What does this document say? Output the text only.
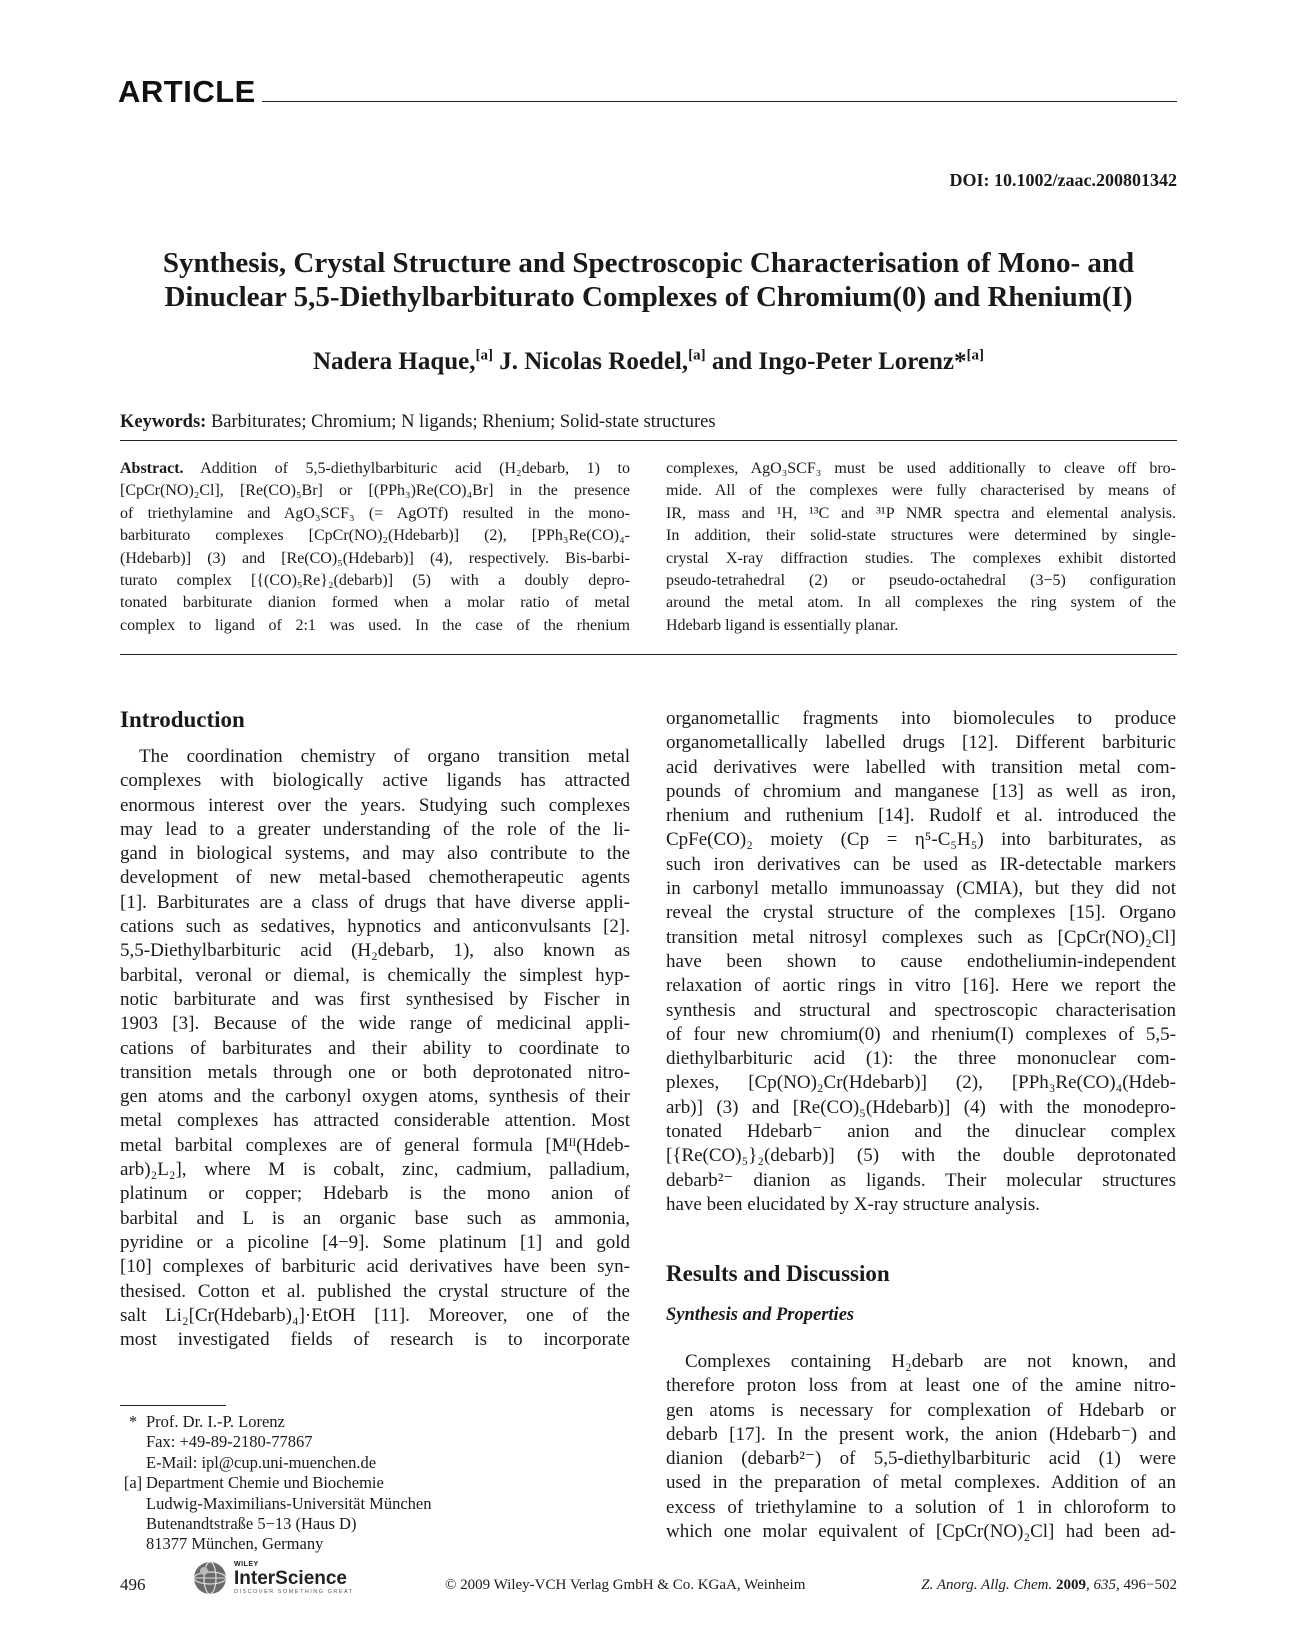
ARTICLE
DOI: 10.1002/zaac.200801342
Synthesis, Crystal Structure and Spectroscopic Characterisation of Mono- and
Dinuclear 5,5-Diethylbarbiturato Complexes of Chromium(0) and Rhenium(I)
Nadera Haque,[a] J. Nicolas Roedel,[a] and Ingo-Peter Lorenz*[a]
Keywords: Barbiturates; Chromium; N ligands; Rhenium; Solid-state structures
Abstract. Addition of 5,5-diethylbarbituric acid (H₂debarb, 1) to
[CpCr(NO)₂Cl], [Re(CO)₅Br] or [(PPh₃)Re(CO)₄Br] in the presence
of triethylamine and AgO₃SCF₃ (= AgOTf) resulted in the mono-
barbiturato complexes [CpCr(NO)₂(Hdebarb)] (2), [PPh₃Re(CO)₄-
(Hdebarb)] (3) and [Re(CO)₅(Hdebarb)] (4), respectively. Bis-barbi-
turato complex [{(CO)₅Re}₂(debarb)] (5) with a doubly depro-
tonated barbiturate dianion formed when a molar ratio of metal
complex to ligand of 2:1 was used. In the case of the rhenium
complexes, AgO₃SCF₃ must be used additionally to cleave off bro-
mide. All of the complexes were fully characterised by means of
IR, mass and ¹H, ¹³C and ³¹P NMR spectra and elemental analysis.
In addition, their solid-state structures were determined by single-
crystal X-ray diffraction studies. The complexes exhibit distorted
pseudo-tetrahedral (2) or pseudo-octahedral (3−5) configuration
around the metal atom. In all complexes the ring system of the
Hdebarb ligand is essentially planar.
Introduction
The coordination chemistry of organo transition metal
complexes with biologically active ligands has attracted
enormous interest over the years. Studying such complexes
may lead to a greater understanding of the role of the li-
gand in biological systems, and may also contribute to the
development of new metal-based chemotherapeutic agents
[1]. Barbiturates are a class of drugs that have diverse appli-
cations such as sedatives, hypnotics and anticonvulsants [2].
5,5-Diethylbarbituric acid (H₂debarb, 1), also known as
barbital, veronal or diemal, is chemically the simplest hyp-
notic barbiturate and was first synthesised by Fischer in
1903 [3]. Because of the wide range of medicinal appli-
cations of barbiturates and their ability to coordinate to
transition metals through one or both deprotonated nitro-
gen atoms and the carbonyl oxygen atoms, synthesis of their
metal complexes has attracted considerable attention. Most
metal barbital complexes are of general formula [Mᴵᴵ(Hdeb-
arb)₂L₂], where M is cobalt, zinc, cadmium, palladium,
platinum or copper; Hdebarb is the mono anion of
barbital and L is an organic base such as ammonia,
pyridine or a picoline [4−9]. Some platinum [1] and gold
[10] complexes of barbituric acid derivatives have been syn-
thesised. Cotton et al. published the crystal structure of the
salt Li₂[Cr(Hdebarb)₄]·EtOH [11]. Moreover, one of the
most investigated fields of research is to incorporate
organometallic fragments into biomolecules to produce
organometallically labelled drugs [12]. Different barbituric
acid derivatives were labelled with transition metal com-
pounds of chromium and manganese [13] as well as iron,
rhenium and ruthenium [14]. Rudolf et al. introduced the
CpFe(CO)₂ moiety (Cp = η⁵-C₅H₅) into barbiturates, as
such iron derivatives can be used as IR-detectable markers
in carbonyl metallo immunoassay (CMIA), but they did not
reveal the crystal structure of the complexes [15]. Organo
transition metal nitrosyl complexes such as [CpCr(NO)₂Cl]
have been shown to cause endotheliumin-independent
relaxation of aortic rings in vitro [16]. Here we report the
synthesis and structural and spectroscopic characterisation
of four new chromium(0) and rhenium(I) complexes of 5,5-
diethylbarbituric acid (1): the three mononuclear com-
plexes, [Cp(NO)₂Cr(Hdebarb)] (2), [PPh₃Re(CO)₄(Hdeb-
arb)] (3) and [Re(CO)₅(Hdebarb)] (4) with the monodepro-
tonated Hdebarb⁻ anion and the dinuclear complex
[{Re(CO)₅}₂(debarb)] (5) with the double deprotonated
debarb²⁻ dianion as ligands. Their molecular structures
have been elucidated by X-ray structure analysis.
Results and Discussion
Synthesis and Properties
Complexes containing H₂debarb are not known, and
therefore proton loss from at least one of the amine nitro-
gen atoms is necessary for complexation of Hdebarb or
debarb [17]. In the present work, the anion (Hdebarb⁻) and
dianion (debarb²⁻) of 5,5-diethylbarbituric acid (1) were
used in the preparation of metal complexes. Addition of an
excess of triethylamine to a solution of 1 in chloroform to
which one molar equivalent of [CpCr(NO)₂Cl] had been ad-
* Prof. Dr. I.-P. Lorenz
Fax: +49-89-2180-77867
E-Mail: ipl@cup.uni-muenchen.de
[a] Department Chemie und Biochemie
Ludwig-Maximilians-Universität München
Butenandtstraße 5−13 (Haus D)
81377 München, Germany
496
WILEY
InterScience
DISCOVER SOMETHING GREAT	© 2009 Wiley-VCH Verlag GmbH & Co. KGaA, Weinheim	Z. Anorg. Allg. Chem. 2009, 635, 496−502
